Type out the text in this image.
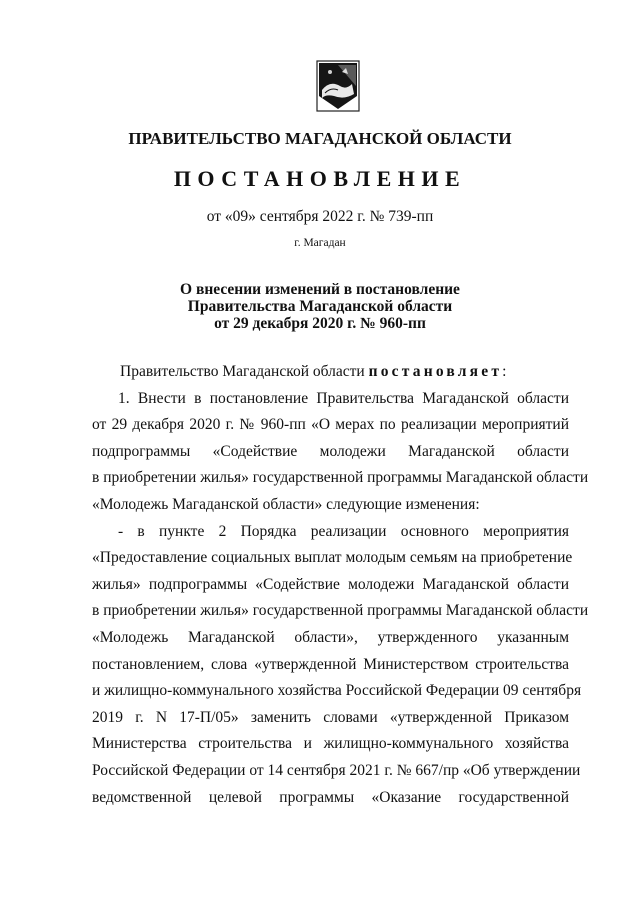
ПРАВИТЕЛЬСТВО МАГАДАНСКОЙ ОБЛАСТИ
ПОСТАНОВЛЕНИЕ
от «09» сентября 2022 г. № 739-пп
г. Магадан
О внесении изменений в постановление
Правительства Магаданской области
от 29 декабря 2020 г. № 960-пп
Правительство Магаданской области постановляет:
1. Внести в постановление Правительства Магаданской области
от 29 декабря 2020 г. № 960-пп «О мерах по реализации мероприятий
подпрограммы «Содействие молодежи Магаданской области
в приобретении жилья» государственной программы Магаданской области
«Молодежь Магаданской области» следующие изменения:
- в пункте 2 Порядка реализации основного мероприятия
«Предоставление социальных выплат молодым семьям на приобретение
жилья» подпрограммы «Содействие молодежи Магаданской области
в приобретении жилья» государственной программы Магаданской области
«Молодежь Магаданской области», утвержденного указанным
постановлением, слова «утвержденной Министерством строительства
и жилищно-коммунального хозяйства Российской Федерации 09 сентября
2019 г. N 17-П/05» заменить словами «утвержденной Приказом
Министерства строительства и жилищно-коммунального хозяйства
Российской Федерации от 14 сентября 2021 г. № 667/пр «Об утверждении
ведомственной целевой программы «Оказание государственной
